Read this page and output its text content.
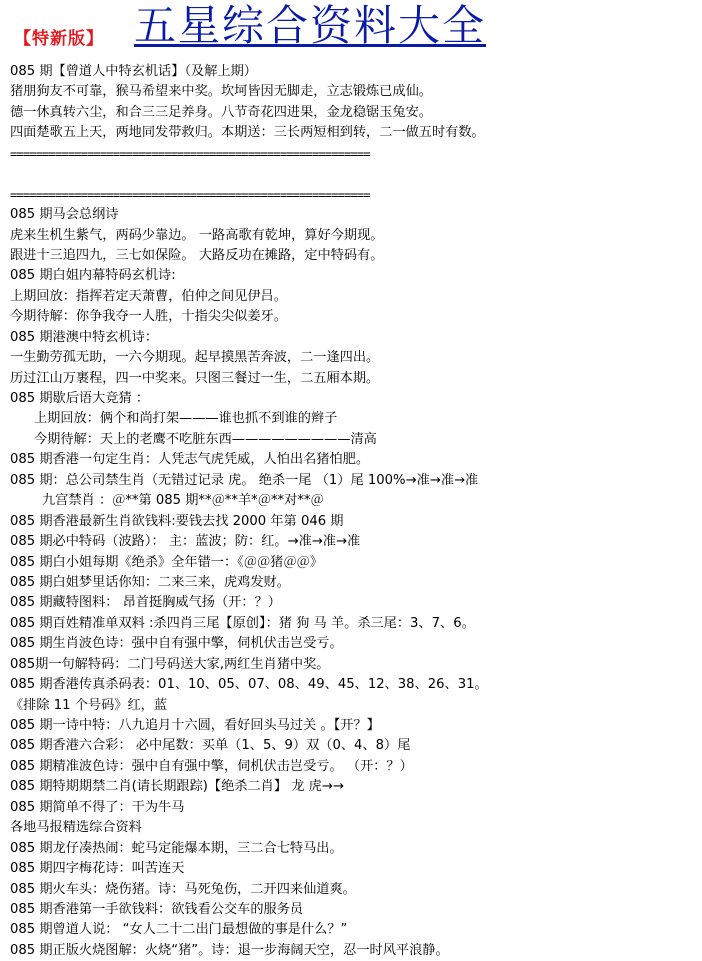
【特新版】 五星综合资料大全
085 期【曾道人中特玄机话】（及解上期）
猪朋狗友不可靠，猴马希望来中奖。坎坷皆因无脚走，立志锻炼已成仙。
德一休真转六尘，和合三三足养身。八节奇花四进果，金龙稳锯玉兔安。
四面楚歌五上天，两地同发带救归。本期送：三长两短相到转，二一做五时有数。
========================================================
========================================================
085 期马会总纲诗
虎来生机生紫气，两码少靠边。 一路高歌有乾坤，算好今期现。
跟进十三追四九，三七如保险。 大路反功在摊路，定中特码有。
085 期白姐内幕特码玄机诗:
上期回放：指挥若定天萧曹，伯仲之间见伊吕。
今期待解：你争我夺一人胜，十指尖尖似姜牙。
085 期港澳中特玄机诗：
一生勤劳孤无助，一六今期现。起早摸黑苦奔波，二一逢四出。
历过江山万裹程，四一中奖来。只图三餐过一生，二五厢本期。
085 期歇后语大竞猜 ：
上期回放：俩个和尚打架———谁也抓不到谁的辫子
今期待解：天上的老鹰不吃脏东西—————————清高
085 期香港一句定生肖：人凭志气虎凭威，人怕出名猪怕肥。
085 期：总公司禁生肖（无错过记录 虎。 绝杀一尾 （1）尾 100%→准→准→准
九宫禁肖 ：＠**第 085 期**＠**羊*＠**对**＠
085 期香港最新生肖欲钱料:要钱去找 2000 年第 046 期
085 期必中特码（波路）： 主：蓝波；防：红。→准→准→准
085 期白小姐每期《绝杀》全年错一：《＠＠猪＠＠》
085 期白姐梦里话你知：二来三来，虎鸡发财。
085 期藏特图料： 昂首挺胸威气扬（开：？）
085 期百姓精准单双料 :杀四肖三尾【原创】：猪 狗 马 羊。杀三尾：3、7、6。
085 期生肖波色诗：强中自有强中擎，伺机伏击岂受亏。
085期一句解特码：二门号码送大家,两红生肖猪中奖。
085 期香港传真杀码表：01、10、05、07、08、49、45、12、38、26、31。
《排除 11 个号码》红，蓝
085 期一诗中特：八九追月十六圆，看好回头马过关 。【开？】
085 期香港六合彩： 必中尾数：买单（1、5、9）双（0、4、8）尾
085 期精准波色诗：强中自有强中擎，伺机伏击岂受亏。 （开：？）
085 期特期期禁二肖(请长期跟踪)【绝杀二肖】 龙 虎→→
085 期简单不得了：干为牛马
各地马报精选综合资料
085 期龙仔凑热闹：蛇马定能爆本期，三二合七特马出。
085 期四字梅花诗：叫苦连天
085 期火车头：烧伤猪。诗：马死兔伤，二开四来仙道爽。
085 期香港第一手欲钱料：欲钱看公交车的服务员
085 期曾道人说： “女人二十二出门最想做的事是什么？”
085 期正版火烧图解：火烧“猪”。诗：退一步海阔天空，忍一时风平浪静。
